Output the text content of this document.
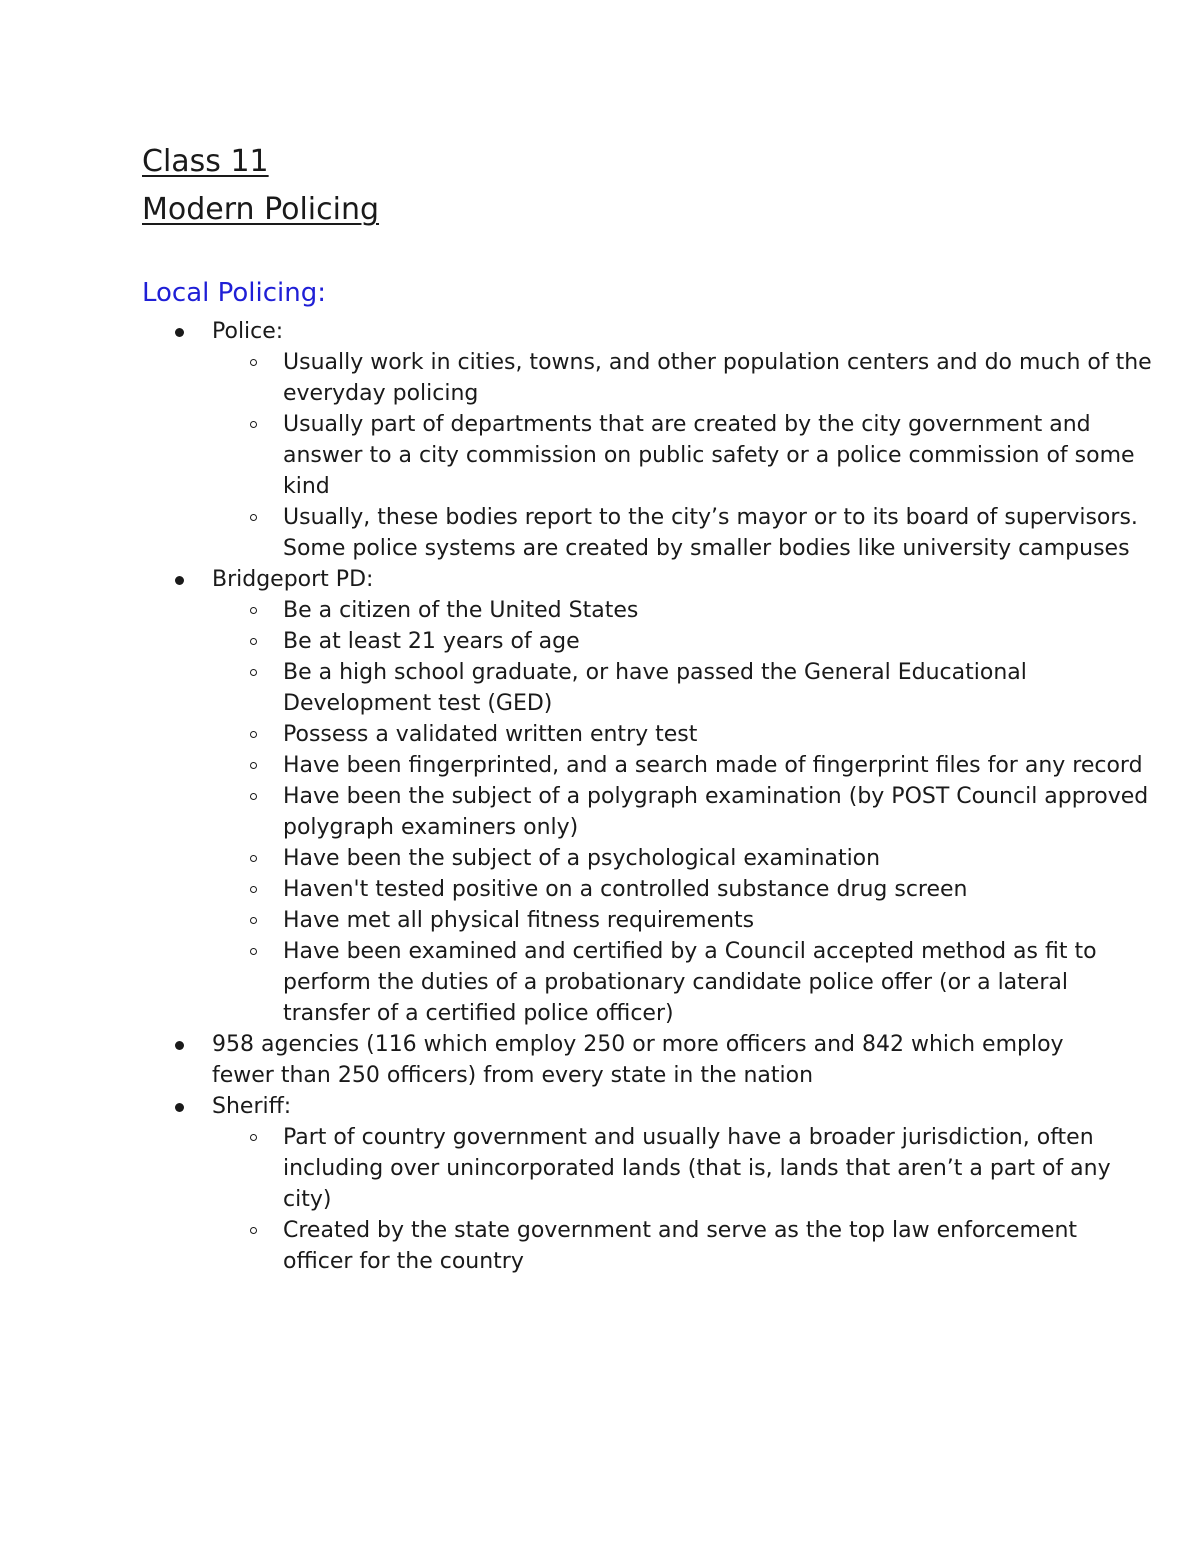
Class 11
Modern Policing
Local Policing:
Police:
Usually work in cities, towns, and other population centers and do much of the everyday policing
Usually part of departments that are created by the city government and answer to a city commission on public safety or a police commission of some kind
Usually, these bodies report to the city’s mayor or to its board of supervisors. Some police systems are created by smaller bodies like university campuses
Bridgeport PD:
Be a citizen of the United States
Be at least 21 years of age
Be a high school graduate, or have passed the General Educational Development test (GED)
Possess a validated written entry test
Have been fingerprinted, and a search made of fingerprint files for any record
Have been the subject of a polygraph examination (by POST Council approved polygraph examiners only)
Have been the subject of a psychological examination
Haven't tested positive on a controlled substance drug screen
Have met all physical fitness requirements
Have been examined and certified by a Council accepted method as fit to perform the duties of a probationary candidate police offer (or a lateral transfer of a certified police officer)
958 agencies (116 which employ 250 or more officers and 842 which employ fewer than 250 officers) from every state in the nation
Sheriff:
Part of country government and usually have a broader jurisdiction, often including over unincorporated lands (that is, lands that aren’t a part of any city)
Created by the state government and serve as the top law enforcement officer for the country
